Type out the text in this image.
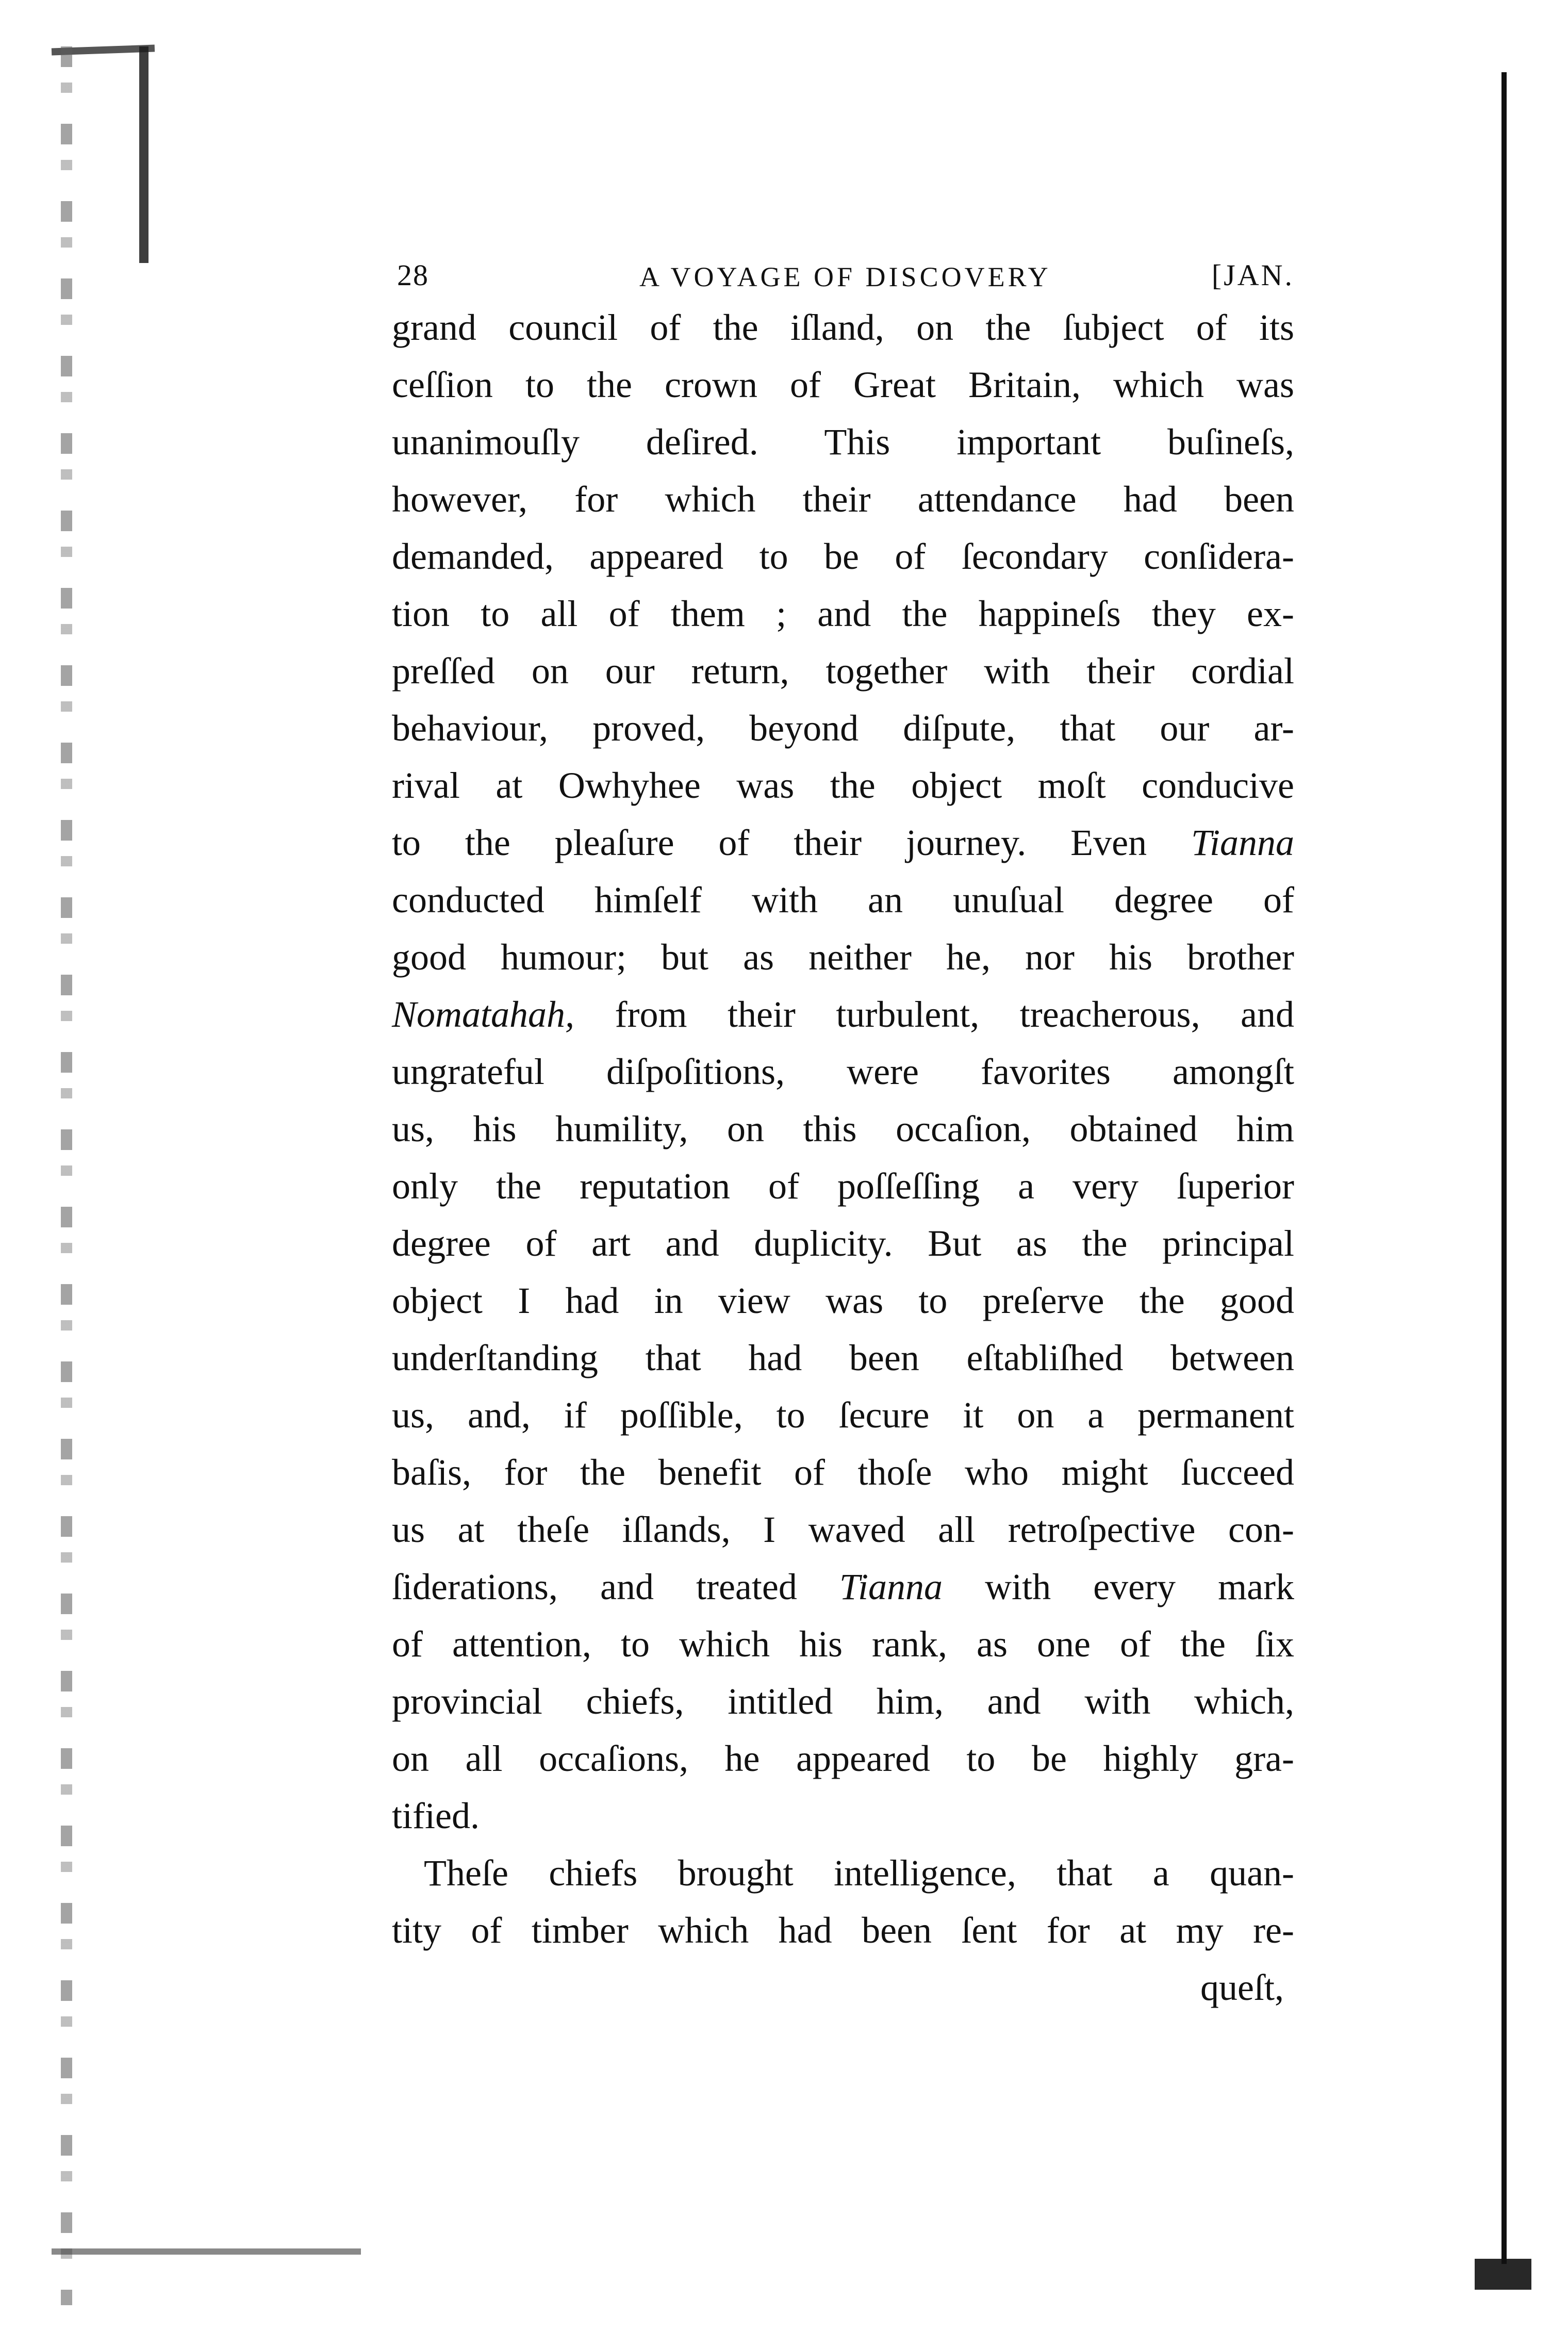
28	A VOYAGE OF DISCOVERY	[JAN.
grand council of the iſland, on the ſubject of its
ceſſion to the crown of Great Britain, which was
unanimouſly deſired. This important buſineſs,
however, for which their attendance had been
demanded, appeared to be of ſecondary conſidera-
tion to all of them ; and the happineſs they ex-
preſſed on our return, together with their cordial
behaviour, proved, beyond diſpute, that our ar-
rival at Owhyhee was the object moſt conducive
to the pleaſure of their journey. Even Tianna
conducted himſelf with an unuſual degree of
good humour; but as neither he, nor his brother
Nomatahah, from their turbulent, treacherous, and
ungrateful diſpoſitions, were favorites amongſt
us, his humility, on this occaſion, obtained him
only the reputation of poſſeſſing a very ſuperior
degree of art and duplicity. But as the principal
object I had in view was to preſerve the good
underſtanding that had been eſtabliſhed between
us, and, if poſſible, to ſecure it on a permanent
baſis, for the benefit of thoſe who might ſucceed
us at theſe iſlands, I waved all retroſpective con-
ſiderations, and treated Tianna with every mark
of attention, to which his rank, as one of the ſix
provincial chiefs, intitled him, and with which,
on all occaſions, he appeared to be highly gra-
tified.
Theſe chiefs brought intelligence, that a quan-
tity of timber which had been ſent for at my re-
queſt,
